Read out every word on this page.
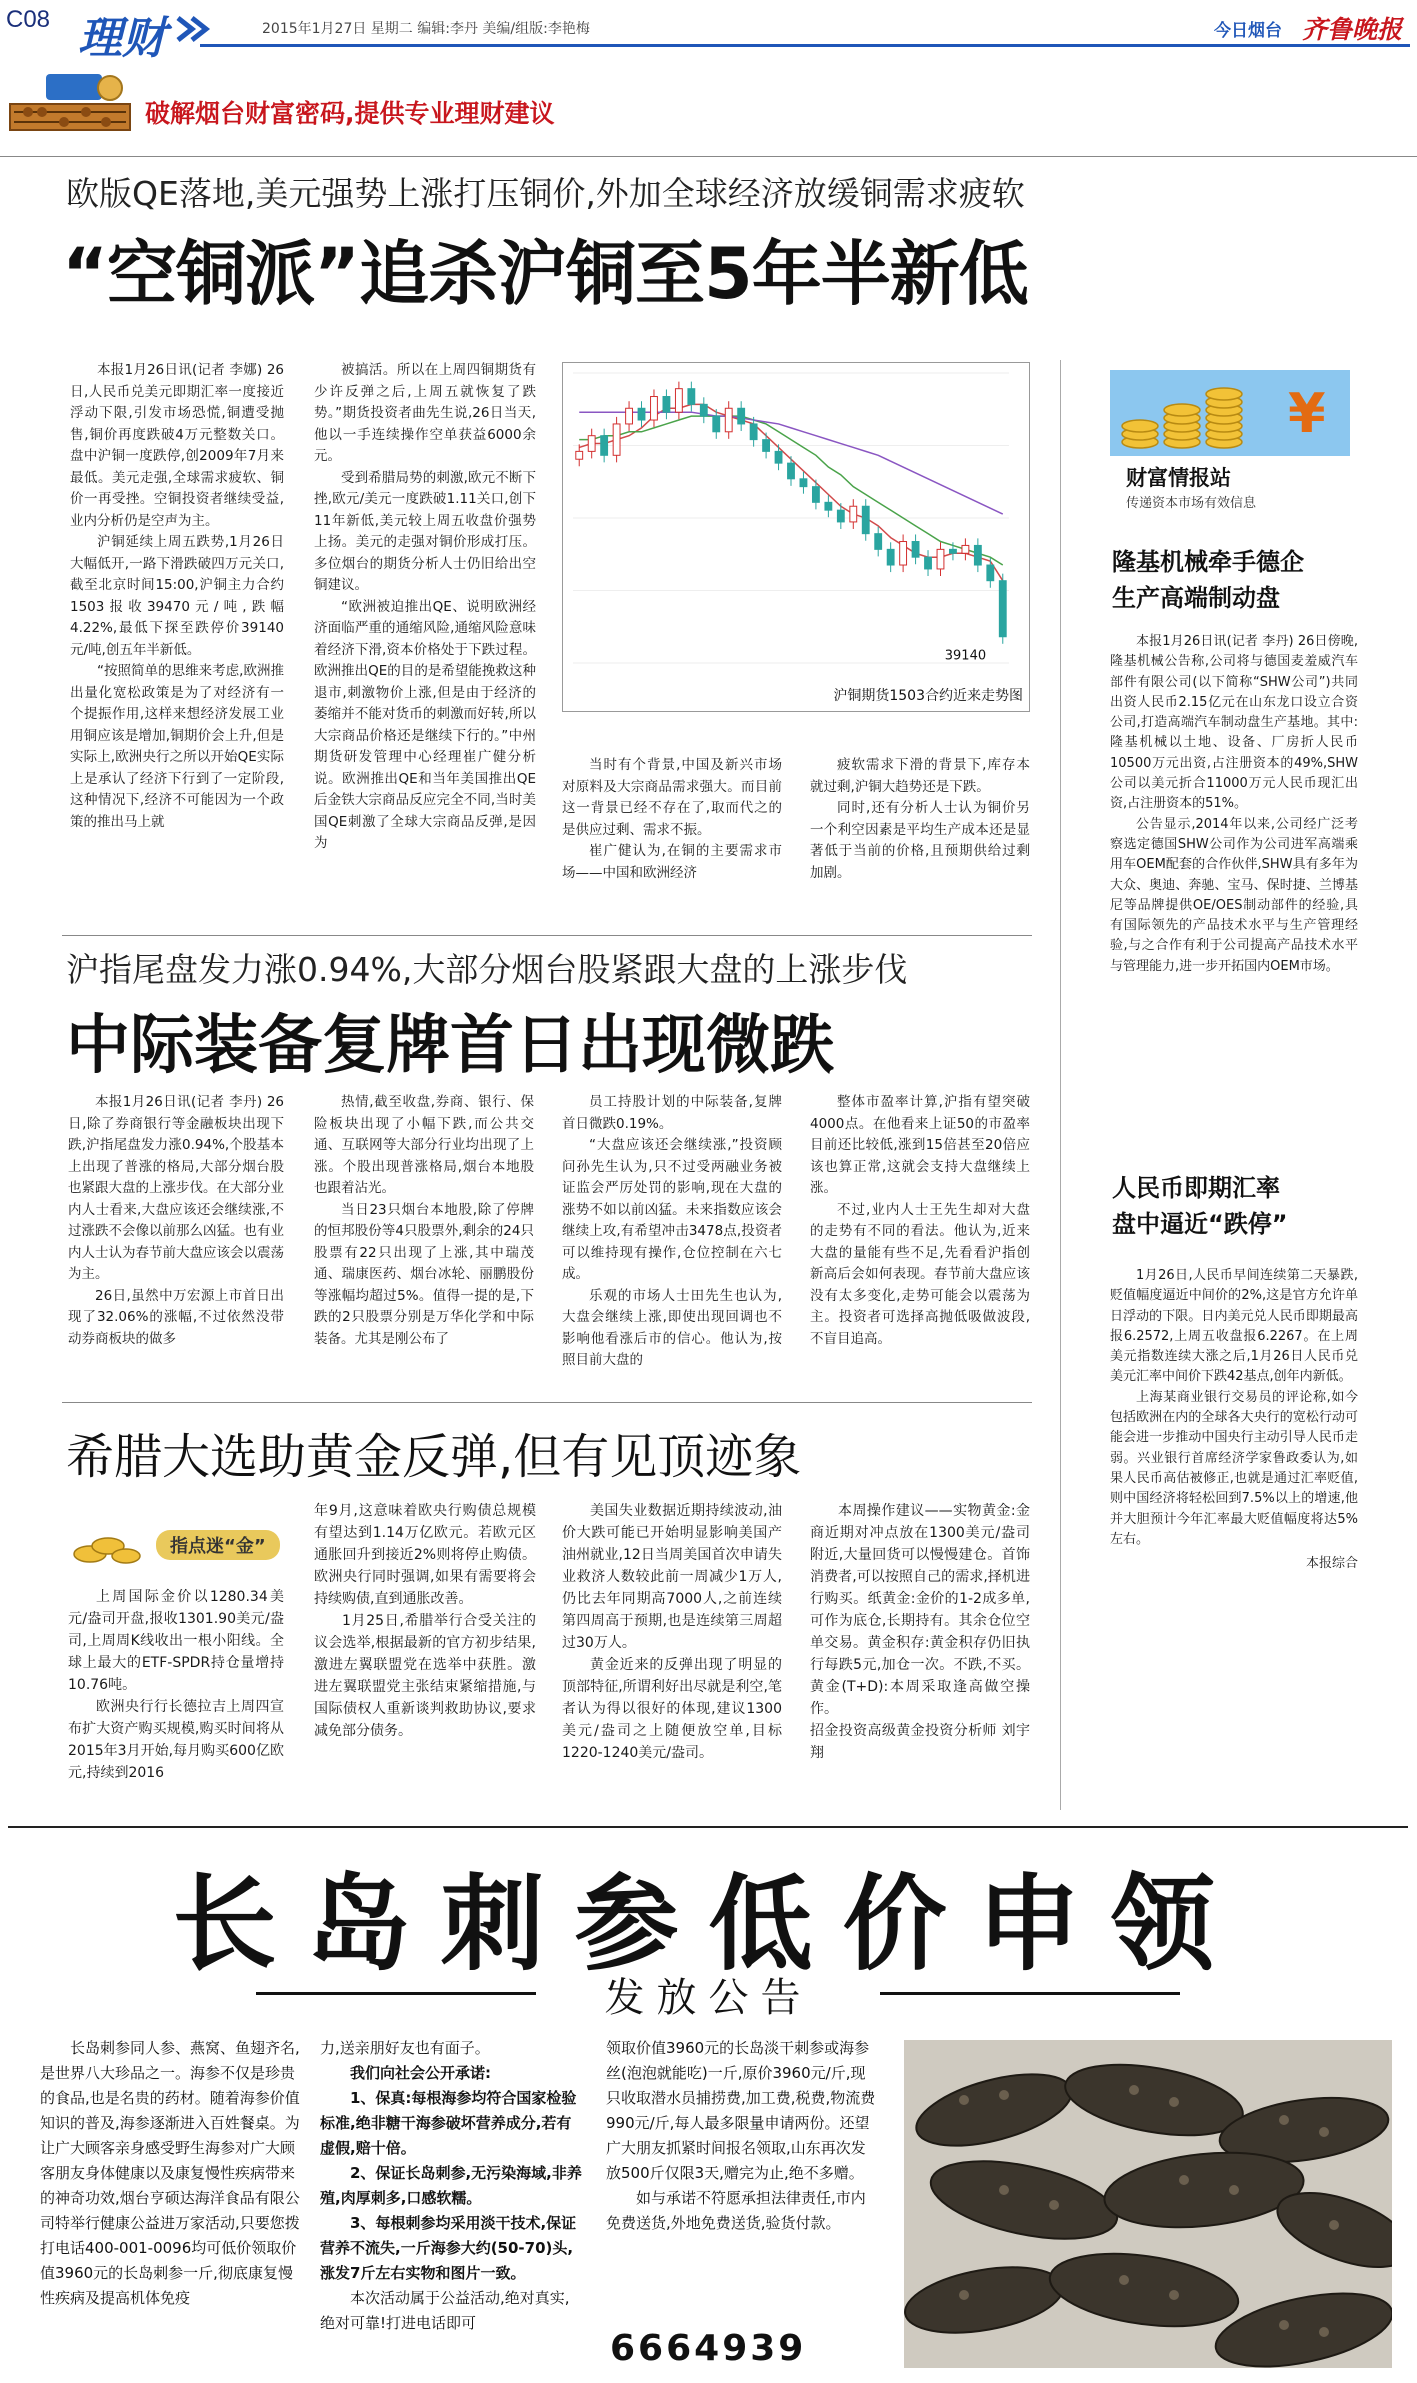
C08 理财	2015年1月27日 星期二 编辑:李丹 美编/组版:李艳梅	今日烟台 齐鲁晚报
破解烟台财富密码,提供专业理财建议
欧版QE落地,美元强势上涨打压铜价,外加全球经济放缓铜需求疲软
“空铜派”追杀沪铜至5年半新低

本报1月26日讯(记者 李娜) 26日,人民币兑美元即期汇率一度接近浮动下限,引发市场恐慌,铜遭受抛售,铜价再度跌破4万元整数关口。盘中沪铜一度跌停,创2009年7月来最低。美元走强,全球需求疲软、铜价一再受挫。空铜投资者继续受益,业内分析仍是空声为主。

沪铜延续上周五跌势,1月26日大幅低开,一路下滑跌破四万元关口,截至北京时间15:00,沪铜主力合约1503报收39470元/吨,跌幅4.22%,最低下探至跌停价39140元/吨,创五年半新低。

“按照简单的思维来考虑,欧洲推出量化宽松政策是为了对经济有一个提振作用,这样来想经济发展工业用铜应该是增加,铜期价会上升,但是实际上,欧洲央行之所以开始QE实际上是承认了经济下行到了一定阶段,这种情况下,经济不可能因为一个政策的推出马上就

被搞活。所以在上周四铜期货有少许反弹之后,上周五就恢复了跌势。”期货投资者曲先生说,26日当天,他以一手连续操作空单获益6000余元。

受到希腊局势的刺激,欧元不断下挫,欧元/美元一度跌破1.11关口,创下11年新低,美元较上周五收盘价强势上扬。美元的走强对铜价形成打压。多位烟台的期货分析人士仍旧给出空铜建议。

“欧洲被迫推出QE、说明欧洲经济面临严重的通缩风险,通缩风险意味着经济下滑,资本价格处于下跌过程。欧洲推出QE的目的是希望能挽救这种退市,刺激物价上涨,但是由于经济的萎缩并不能对货币的刺激而好转,所以大宗商品价格还是继续下行的。”中州期货研发管理中心经理崔广健分析说。欧洲推出QE和当年美国推出QE后金铁大宗商品反应完全不同,当时美国QE刺激了全球大宗商品反弹,是因为

39140
沪铜期货1503合约近来走势图

当时有个背景,中国及新兴市场对原料及大宗商品需求强大。而目前这一背景已经不存在了,取而代之的是供应过剩、需求不振。

崔广健认为,在铜的主要需求市场——中国和欧洲经济

疲软需求下滑的背景下,库存本就过剩,沪铜大趋势还是下跌。

同时,还有分析人士认为铜价另一个利空因素是平均生产成本还是显著低于当前的价格,且预期供给过剩加剧。

¥
财富情报站
传递资本市场有效信息
隆基机械牵手德企
生产高端制动盘

本报1月26日讯(记者 李丹) 26日傍晚,隆基机械公告称,公司将与德国麦羞威汽车部件有限公司(以下简称“SHW公司”)共同出资人民币2.15亿元在山东龙口设立合资公司,打造高端汽车制动盘生产基地。其中:隆基机械以土地、设备、厂房折人民币10500万元出资,占注册资本的49%,SHW公司以美元折合11000万元人民币现汇出资,占注册资本的51%。

公告显示,2014年以来,公司经广泛考察选定德国SHW公司作为公司进军高端乘用车OEM配套的合作伙伴,SHW具有多年为大众、奥迪、奔驰、宝马、保时捷、兰博基尼等品牌提供OE/OES制动部件的经验,具有国际领先的产品技术水平与生产管理经验,与之合作有利于公司提高产品技术水平与管理能力,进一步开拓国内OEM市场。

人民币即期汇率
盘中逼近“跌停”

1月26日,人民币早间连续第二天暴跌,贬值幅度逼近中间价的2%,这是官方允许单日浮动的下限。日内美元兑人民币即期最高报6.2572,上周五收盘报6.2267。在上周美元指数连续大涨之后,1月26日人民币兑美元汇率中间价下跌42基点,创年内新低。

上海某商业银行交易员的评论称,如今包括欧洲在内的全球各大央行的宽松行动可能会进一步推动中国央行主动引导人民币走弱。兴业银行首席经济学家鲁政委认为,如果人民币高估被修正,也就是通过汇率贬值,则中国经济将轻松回到7.5%以上的增速,他并大胆预计今年汇率最大贬值幅度将达5%左右。

本报综合
沪指尾盘发力涨0.94%,大部分烟台股紧跟大盘的上涨步伐
中际装备复牌首日出现微跌

本报1月26日讯(记者 李丹) 26日,除了券商银行等金融板块出现下跌,沪指尾盘发力涨0.94%,个股基本上出现了普涨的格局,大部分烟台股也紧跟大盘的上涨步伐。在大部分业内人士看来,大盘应该还会继续涨,不过涨跌不会像以前那么凶猛。也有业内人士认为春节前大盘应该会以震荡为主。

26日,虽然中万宏源上市首日出现了32.06%的涨幅,不过依然没带动券商板块的做多

热情,截至收盘,券商、银行、保险板块出现了小幅下跌,而公共交通、互联网等大部分行业均出现了上涨。个股出现普涨格局,烟台本地股也跟着沾光。

当日23只烟台本地股,除了停牌的恒邦股份等4只股票外,剩余的24只股票有22只出现了上涨,其中瑞茂通、瑞康医药、烟台冰轮、丽鹏股份等涨幅均超过5%。值得一提的是,下跌的2只股票分别是万华化学和中际装备。尤其是刚公布了

员工持股计划的中际装备,复牌首日微跌0.19%。

“大盘应该还会继续涨,”投资顾问孙先生认为,只不过受两融业务被证监会严厉处罚的影响,现在大盘的涨势不如以前凶猛。未来指数应该会继续上攻,有希望冲击3478点,投资者可以维持现有操作,仓位控制在六七成。

乐观的市场人士田先生也认为,大盘会继续上涨,即使出现回调也不影响他看涨后市的信心。他认为,按照目前大盘的

整体市盈率计算,沪指有望突破4000点。在他看来上证50的市盈率目前还比较低,涨到15倍甚至20倍应该也算正常,这就会支持大盘继续上涨。

不过,业内人士王先生却对大盘的走势有不同的看法。他认为,近来大盘的量能有些不足,先看看沪指创新高后会如何表现。春节前大盘应该没有太多变化,走势可能会以震荡为主。投资者可选择高抛低吸做波段,不盲目追高。

希腊大选助黄金反弹,但有见顶迹象
指点迷“金”

上周国际金价以1280.34美元/盎司开盘,报收1301.90美元/盎司,上周周K线收出一根小阳线。全球上最大的ETF-SPDR持仓量增持10.76吨。

欧洲央行行长德拉吉上周四宣布扩大资产购买规模,购买时间将从2015年3月开始,每月购买600亿欧元,持续到2016

年9月,这意味着欧央行购债总规模有望达到1.14万亿欧元。若欧元区通胀回升到接近2%则将停止购债。欧洲央行同时强调,如果有需要将会持续购债,直到通胀改善。

1月25日,希腊举行合受关注的议会选举,根据最新的官方初步结果,激进左翼联盟党在选举中获胜。激进左翼联盟党主张结束紧缩措施,与国际债权人重新谈判救助协议,要求减免部分债务。

美国失业数据近期持续波动,油价大跌可能已开始明显影响美国产油州就业,12日当周美国首次申请失业救济人数较此前一周减少1万人,仍比去年同期高7000人,之前连续第四周高于预期,也是连续第三周超过30万人。

黄金近来的反弹出现了明显的顶部特征,所谓利好出尽就是利空,笔者认为得以很好的体现,建议1300美元/盎司之上随便放空单,目标1220-1240美元/盎司。

本周操作建议——实物黄金:金商近期对冲点放在1300美元/盎司附近,大量回货可以慢慢建仓。首饰消费者,可以按照自己的需求,择机进行购买。纸黄金:金价的1-2成多单,可作为底仓,长期持有。其余仓位空单交易。黄金积存:黄金积存仍旧执行每跌5元,加仓一次。不跌,不买。黄金(T+D):本周采取逢高做空操作。

招金投资高级黄金投资分析师 刘宇翔

长岛刺参低价申领
发放公告

长岛刺参同人参、燕窝、鱼翅齐名,是世界八大珍品之一。海参不仅是珍贵的食品,也是名贵的药材。随着海参价值知识的普及,海参逐渐进入百姓餐桌。为让广大顾客亲身感受野生海参对广大顾客朋友身体健康以及康复慢性疾病带来的神奇功效,烟台亨硕达海洋食品有限公司特举行健康公益进万家活动,只要您拨打电话400-001-0096均可低价领取价值3960元的长岛刺参一斤,彻底康复慢性疾病及提高机体免疫

力,送亲朋好友也有面子。
我们向社会公开承诺:
1、保真:每根海参均符合国家检验标准,绝非糖干海参破坏营养成分,若有虚假,赔十倍。
2、保证长岛刺参,无污染海域,非养殖,肉厚刺多,口感软糯。
3、每根刺参均采用淡干技术,保证营养不流失,一斤海参大约(50-70)头,涨发7斤左右实物和图片一致。
本次活动属于公益活动,绝对真实,绝对可靠!打进电话即可

领取价值3960元的长岛淡干刺参或海参丝(泡泡就能吃)一斤,原价3960元/斤,现只收取潜水员捕捞费,加工费,税费,物流费990元/斤,每人最多限量申请两份。还望广大朋友抓紧时间报名领取,山东再次发放500斤仅限3天,赠完为止,绝不多赠。

如与承诺不符愿承担法律责任,市内免费送货,外地免费送货,验货付款。

6664939
